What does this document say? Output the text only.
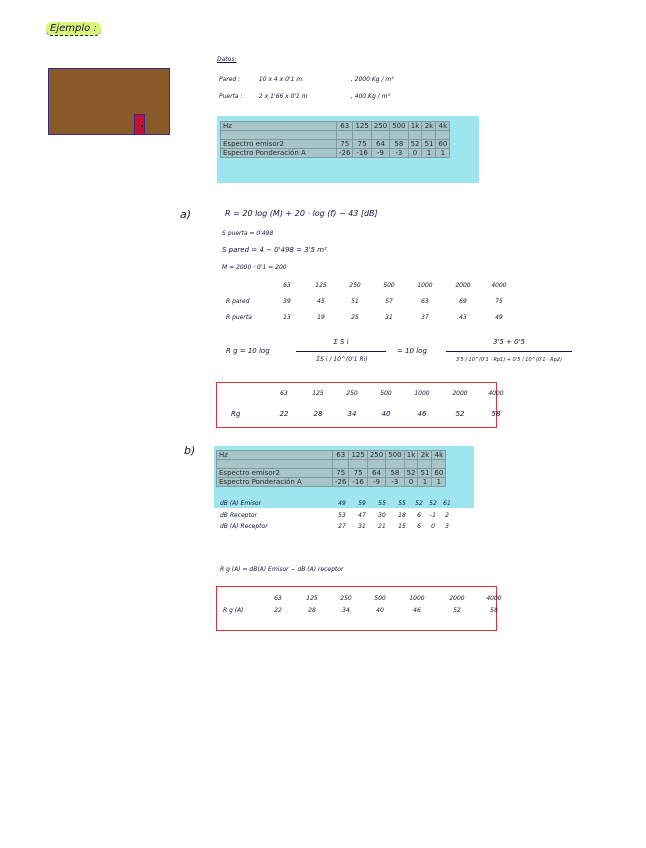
Ejemplo :
Datos:
Pared :	10 x 4 x 0'1 m	, 2000 Kg / m³
Puerta :	2 x 1'66 x 0'1 m	, 400 Kg / m³
Hz	63	125	250	500	1k	2k	4k

Espectro emisor2	75	75	64	58	52	51	60
Espectro Ponderación A	-26	-16	-9	-3	0	1	1
a)	R = 20 log (M) + 20 · log (f) − 43 [dB]
S puerta = 0'498
S pared = 4 − 0'498 = 3'5 m²
M = 2000 · 0'1 = 200
63	125	250	500	1000	2000	4000
R pared	39	45	51	57	63	69	75
R puerta	13	19	25	31	37	43	49
R g = 10 log
Σ S i
ΣS i / 10^(0'1 Ri)
= 10 log
3'5 + 0'5
3'5 / 10^(0'1 · Rp1) + 0'5 / 10^(0'1 · Rp2)
63	125	250	500	1000	2000	4000
Rg	22	28	34	40	46	52	58
b)	Hz	63	125	250	500	1k	2k	4k

Espectro emisor2	75	75	64	58	52	51	60
Espectro Ponderación A	-26	-16	-9	-3	0	1	1
dB (A) Emisor	49	59	55	55	52	52	61
dB Receptor	53	47	30	18	6	-1	2
dB (A) Receptor	27	31	21	15	6	0	3
R g (A) = dB(A) Emisor − dB (A) receptor
63	125	250	500	1000	2000	4000
R g (A)	22	28	34	40	46	52	58
